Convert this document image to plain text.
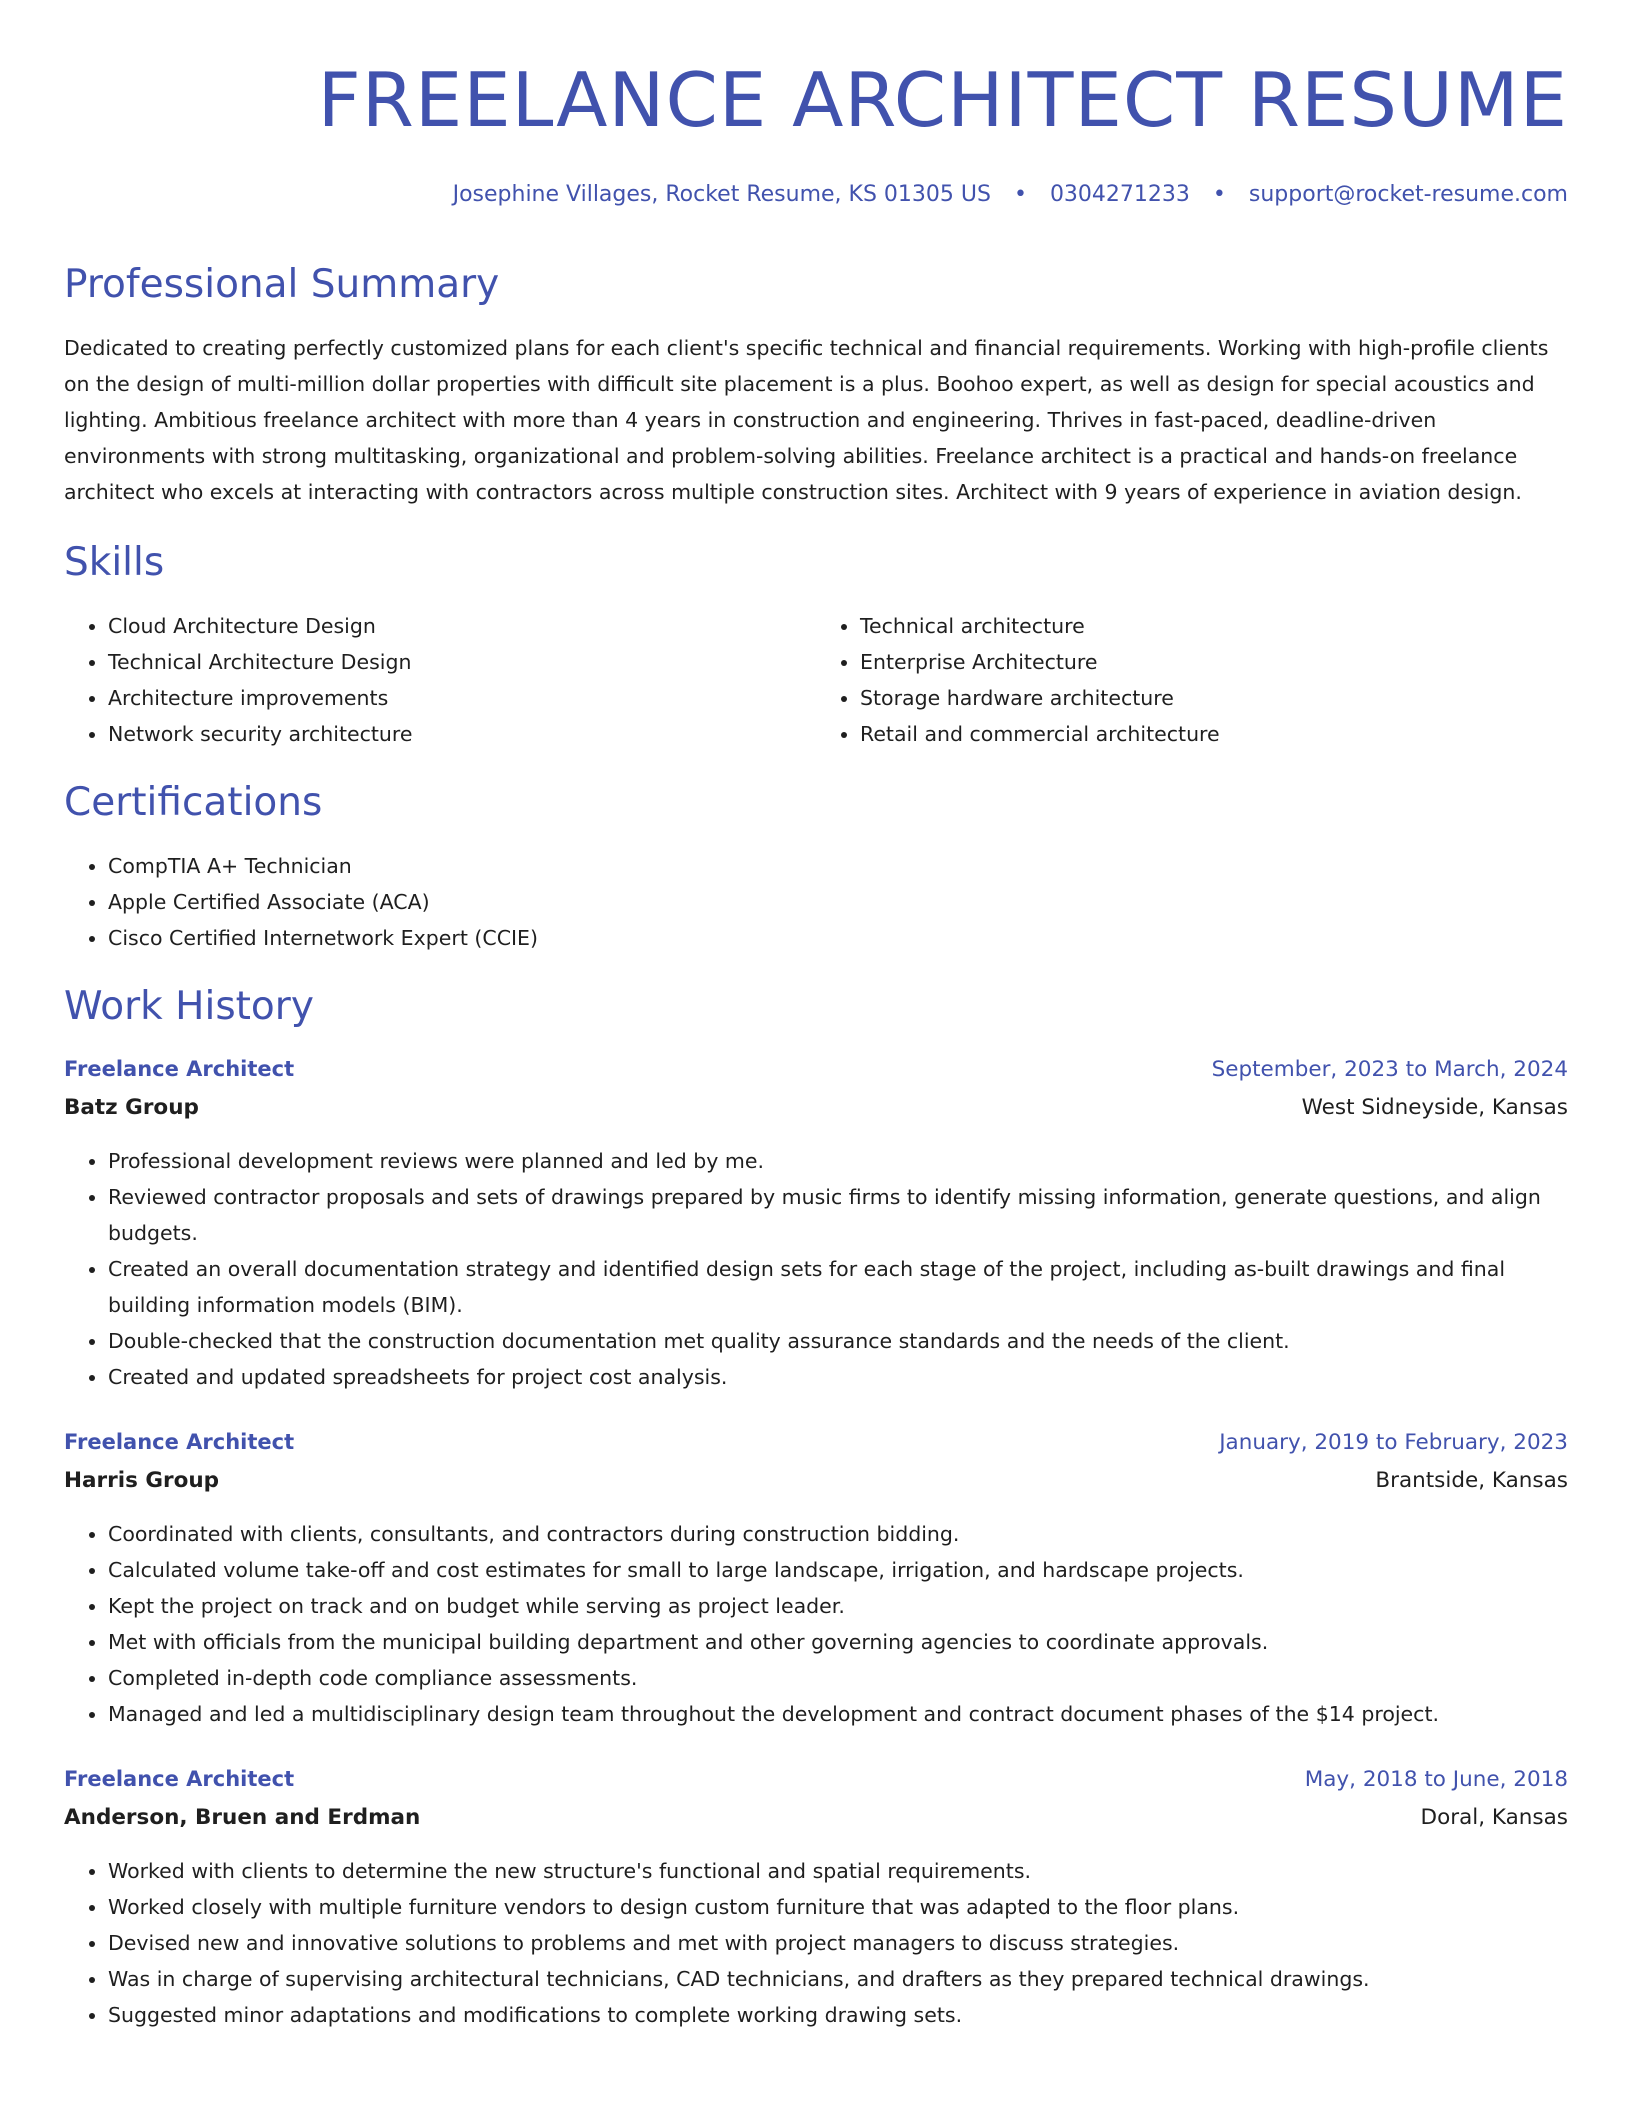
FREELANCE ARCHITECT RESUME
Josephine Villages, Rocket Resume, KS 01305 US • 0304271233 • support@rocket-resume.com
Professional Summary
Dedicated to creating perfectly customized plans for each client's specific technical and financial requirements. Working with high-profile clients on the design of multi-million dollar properties with difficult site placement is a plus. Boohoo expert, as well as design for special acoustics and lighting. Ambitious freelance architect with more than 4 years in construction and engineering. Thrives in fast-paced, deadline-driven environments with strong multitasking, organizational and problem-solving abilities. Freelance architect is a practical and hands-on freelance architect who excels at interacting with contractors across multiple construction sites. Architect with 9 years of experience in aviation design.
Skills
• Cloud Architecture Design
• Technical Architecture Design
• Architecture improvements
• Network security architecture
• Technical architecture
• Enterprise Architecture
• Storage hardware architecture
• Retail and commercial architecture
Certifications
• CompTIA A+ Technician
• Apple Certified Associate (ACA)
• Cisco Certified Internetwork Expert (CCIE)
Work History
Freelance Architect	September, 2023 to March, 2024
Batz Group	West Sidneyside, Kansas
• Professional development reviews were planned and led by me.
• Reviewed contractor proposals and sets of drawings prepared by music firms to identify missing information, generate questions, and align budgets.
• Created an overall documentation strategy and identified design sets for each stage of the project, including as-built drawings and final building information models (BIM).
• Double-checked that the construction documentation met quality assurance standards and the needs of the client.
• Created and updated spreadsheets for project cost analysis.
Freelance Architect	January, 2019 to February, 2023
Harris Group	Brantside, Kansas
• Coordinated with clients, consultants, and contractors during construction bidding.
• Calculated volume take-off and cost estimates for small to large landscape, irrigation, and hardscape projects.
• Kept the project on track and on budget while serving as project leader.
• Met with officials from the municipal building department and other governing agencies to coordinate approvals.
• Completed in-depth code compliance assessments.
• Managed and led a multidisciplinary design team throughout the development and contract document phases of the $14 project.
Freelance Architect	May, 2018 to June, 2018
Anderson, Bruen and Erdman	Doral, Kansas
• Worked with clients to determine the new structure's functional and spatial requirements.
• Worked closely with multiple furniture vendors to design custom furniture that was adapted to the floor plans.
• Devised new and innovative solutions to problems and met with project managers to discuss strategies.
• Was in charge of supervising architectural technicians, CAD technicians, and drafters as they prepared technical drawings.
• Suggested minor adaptations and modifications to complete working drawing sets.
